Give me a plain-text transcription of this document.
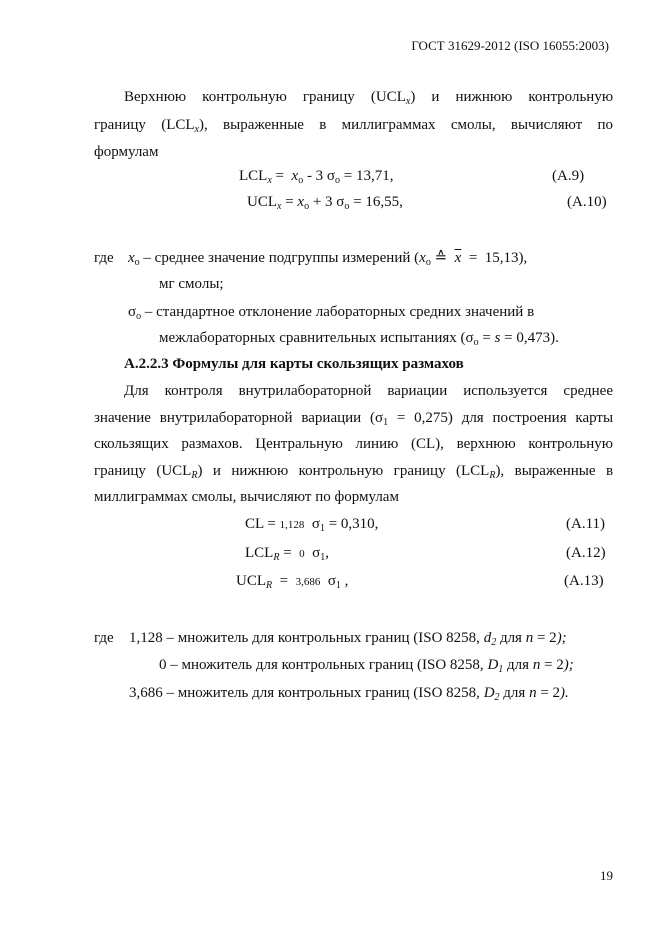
ГОСТ 31629-2012 (ISO 16055:2003)
Верхнюю контрольную границу $(UCL_x)$ и нижнюю контрольную
границу $(LCL_x)$, выраженные в миллиграммах смолы, вычисляют по
формулам
$LCL_x = x_o - 3$ $\sigma_o = 13,71$,	(A.9)
$UCL_x = x_o + 3$ $\sigma_o = 16,55$,	(A.10)
где $x_o$ – среднее значение подгруппы измерений ($x_o$ ≙ $\overline{x} = 15,13$),
мг смолы;
$\sigma_o$ – стандартное отклонение лабораторных средних значений в
межлабораторных сравнительных испытаниях $(\sigma_o = s = 0,473)$.
А.2.2.3 Формулы для карты скользящих размахов
Для контроля внутрилабораторной вариации используется среднее
значение внутрилабораторной вариации $(\sigma_1 = 0,275)$ для построения карты
скользящих размахов. Центральную линию (CL), верхнюю контрольную
границу $(UCL_R)$ и нижнюю контрольную границу $(LCL_R)$, выраженные в
миллиграммах смолы, вычисляют по формулам
CL = 1,128 $\sigma_1 = 0,310$,	(A.11)
$LCL_R = 0$ $\sigma_1$,	(A.12)
$UCL_R = 3,686$ $\sigma_1$ ,	(A.13)
где 1,128 – множитель для контрольных границ (ISO 8258, $d_2$ для n = 2);
0 – множитель для контрольных границ (ISO 8258, $D_1$ для n = 2);
3,686 – множитель для контрольных границ (ISO 8258, $D_2$ для n = 2).
19
